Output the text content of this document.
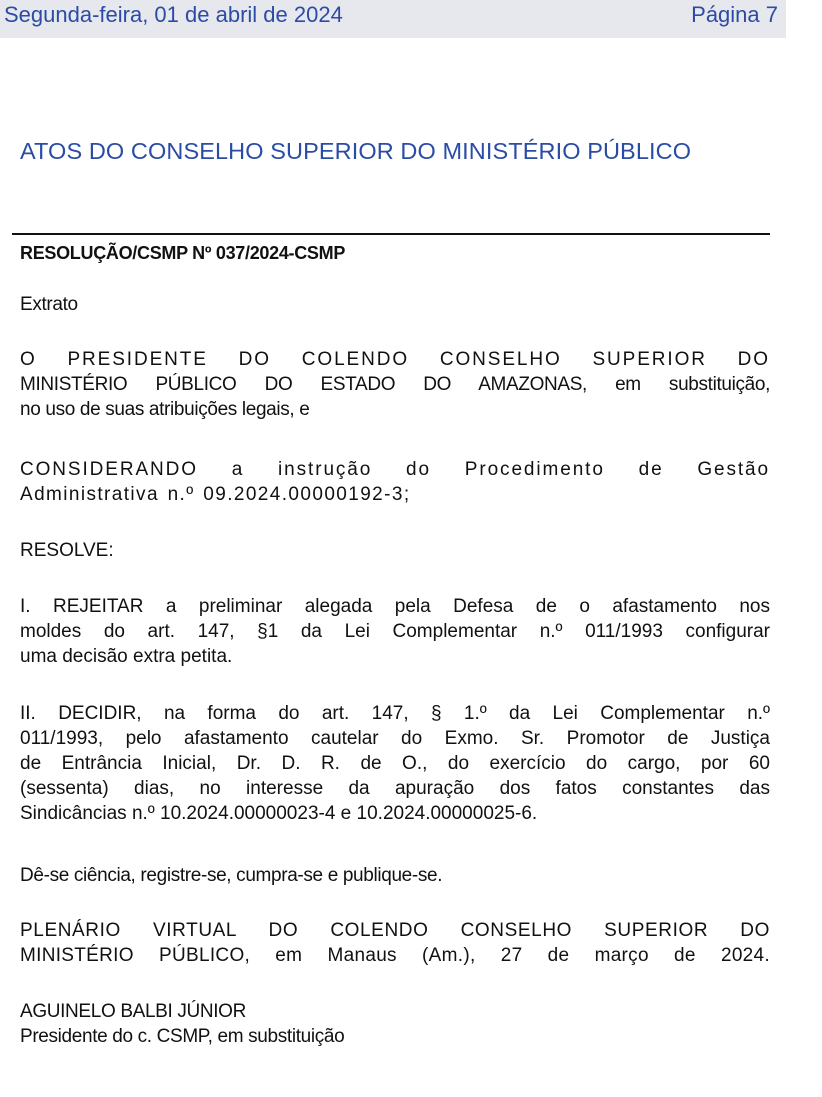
Segunda-feira, 01 de abril de 2024	Página 7
ATOS DO CONSELHO SUPERIOR DO MINISTÉRIO PÚBLICO
RESOLUÇÃO/CSMP Nº 037/2024-CSMP

Extrato

O PRESIDENTE DO COLENDO CONSELHO SUPERIOR DO
MINISTÉRIO PÚBLICO DO ESTADO DO AMAZONAS, em substituição,
no uso de suas atribuições legais, e
CONSIDERANDO a instrução do Procedimento de Gestão
Administrativa n.º 09.2024.00000192-3;

RESOLVE:

I. REJEITAR a preliminar alegada pela Defesa de o afastamento nos
moldes do art. 147, §1 da Lei Complementar n.º 011/1993 configurar
uma decisão extra petita.
II. DECIDIR, na forma do art. 147, § 1.º da Lei Complementar n.º
011/1993, pelo afastamento cautelar do Exmo. Sr. Promotor de Justiça
de Entrância Inicial, Dr. D. R. de O., do exercício do cargo, por 60
(sessenta) dias, no interesse da apuração dos fatos constantes das
Sindicâncias n.º 10.2024.00000023-4 e 10.2024.00000025-6.

Dê-se ciência, registre-se, cumpra-se e publique-se.

PLENÁRIO VIRTUAL DO COLENDO CONSELHO SUPERIOR DO
MINISTÉRIO PÚBLICO, em Manaus (Am.), 27 de março de 2024.
AGUINELO BALBI JÚNIOR
Presidente do c. CSMP, em substituição
